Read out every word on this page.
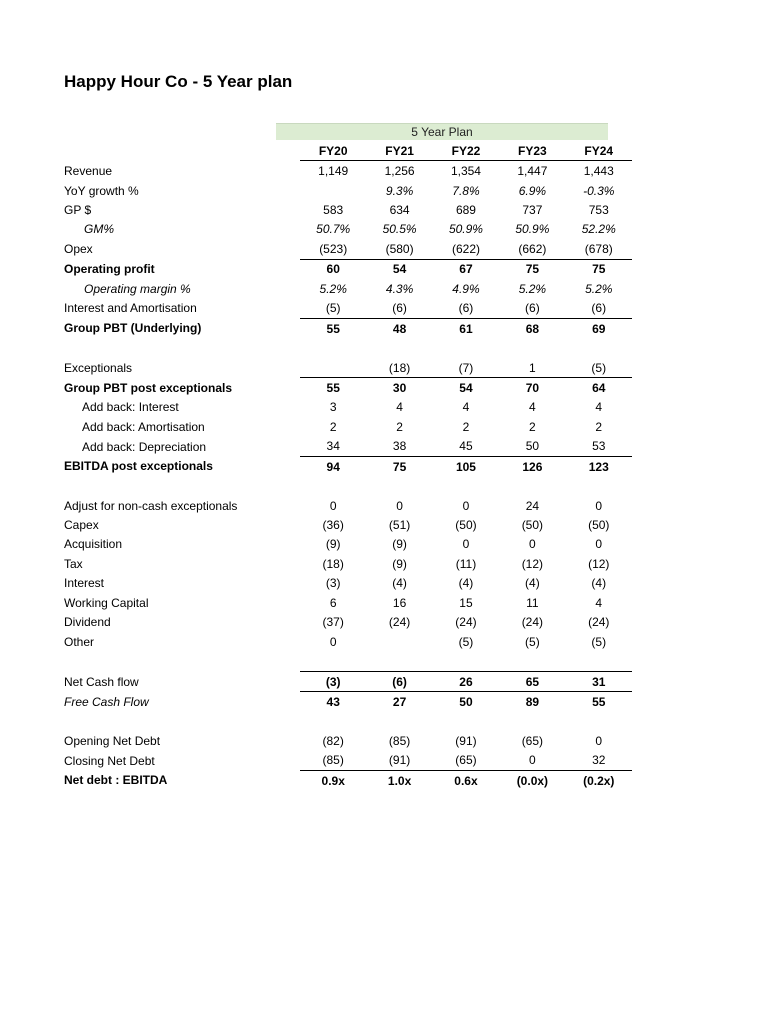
Happy Hour Co - 5 Year plan
5 Year Plan
	FY20	FY21	FY22	FY23	FY24
Revenue	1,149	1,256	1,354	1,447	1,443
YoY growth %		9.3%	7.8%	6.9%	-0.3%
GP $	583	634	689	737	753
GM%	50.7%	50.5%	50.9%	50.9%	52.2%
Opex	(523)	(580)	(622)	(662)	(678)
Operating profit	60	54	67	75	75
Operating margin %	5.2%	4.3%	4.9%	5.2%	5.2%
Interest and Amortisation	(5)	(6)	(6)	(6)	(6)
Group PBT (Underlying)	55	48	61	68	69

Exceptionals		(18)	(7)	1	(5)
Group PBT post exceptionals	55	30	54	70	64
Add back: Interest	3	4	4	4	4
Add back: Amortisation	2	2	2	2	2
Add back: Depreciation	34	38	45	50	53
EBITDA post exceptionals	94	75	105	126	123

Adjust for non-cash exceptionals	0	0	0	24	0
Capex	(36)	(51)	(50)	(50)	(50)
Acquisition	(9)	(9)	0	0	0
Tax	(18)	(9)	(11)	(12)	(12)
Interest	(3)	(4)	(4)	(4)	(4)
Working Capital	6	16	15	11	4
Dividend	(37)	(24)	(24)	(24)	(24)
Other	0		(5)	(5)	(5)

Net Cash flow	(3)	(6)	26	65	31
Free Cash Flow	43	27	50	89	55

Opening Net Debt	(82)	(85)	(91)	(65)	0
Closing Net Debt	(85)	(91)	(65)	0	32
Net debt : EBITDA	0.9x	1.0x	0.6x	(0.0x)	(0.2x)
